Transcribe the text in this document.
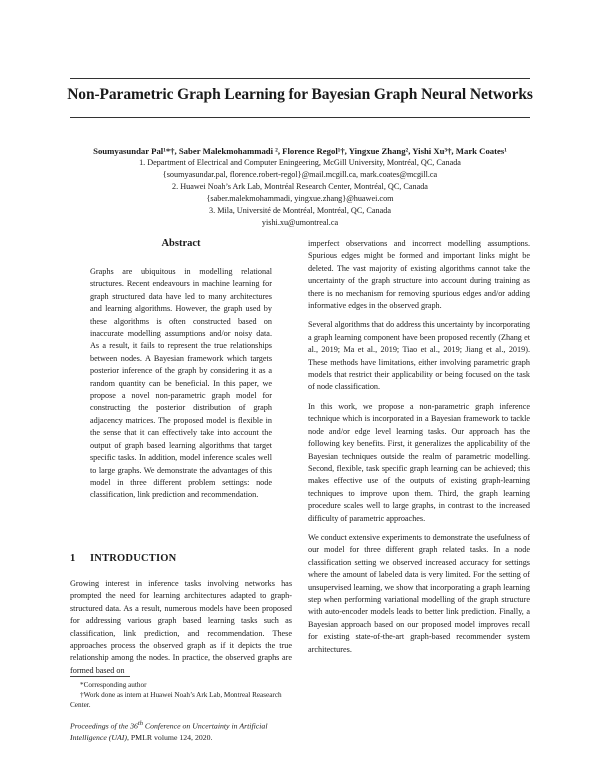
Non-Parametric Graph Learning for Bayesian Graph Neural Networks
Soumyasundar Pal¹*†, Saber Malekmohammadi ², Florence Regol¹†, Yingxue Zhang², Yishi Xu³†, Mark Coates¹
1. Department of Electrical and Computer Eningeering, McGill University, Montréal, QC, Canada
{soumyasundar.pal, florence.robert-regol}@mail.mcgill.ca, mark.coates@mcgill.ca
2. Huawei Noah’s Ark Lab, Montréal Research Center, Montréal, QC, Canada
{saber.malekmohammadi, yingxue.zhang}@huawei.com
3. Mila, Université de Montréal, Montréal, QC, Canada
yishi.xu@umontreal.ca
Abstract

Graphs are ubiquitous in modelling relational structures. Recent endeavours in machine learning for graph structured data have led to many architectures and learning algorithms. However, the graph used by these algorithms is often constructed based on inaccurate modelling assumptions and/or noisy data. As a result, it fails to represent the true relationships between nodes. A Bayesian framework which targets posterior inference of the graph by considering it as a random quantity can be beneficial. In this paper, we propose a novel non-parametric graph model for constructing the posterior distribution of graph adjacency matrices. The proposed model is flexible in the sense that it can effectively take into account the output of graph based learning algorithms that target specific tasks. In addition, model inference scales well to large graphs. We demonstrate the advantages of this model in three different problem settings: node classification, link prediction and recommendation.

1 INTRODUCTION

Growing interest in inference tasks involving networks has prompted the need for learning architectures adapted to graph-structured data. As a result, numerous models have been proposed for addressing various graph based learning tasks such as classification, link prediction, and recommendation. These approaches process the observed graph as if it depicts the true relationship among the nodes. In practice, the observed graphs are formed based on

*Corresponding author

†Work done as intern at Huawei Noah’s Ark Lab, Montreal Reasearch Center.

Proceedings of the 36th Conference on Uncertainty in Artificial Intelligence (UAI), PMLR volume 124, 2020.

imperfect observations and incorrect modelling assumptions. Spurious edges might be formed and important links might be deleted. The vast majority of existing algorithms cannot take the uncertainty of the graph structure into account during training as there is no mechanism for removing spurious edges and/or adding informative edges in the observed graph.

Several algorithms that do address this uncertainty by incorporating a graph learning component have been proposed recently (Zhang et al., 2019; Ma et al., 2019; Tiao et al., 2019; Jiang et al., 2019). These methods have limitations, either involving parametric graph models that restrict their applicability or being focused on the task of node classification.

In this work, we propose a non-parametric graph inference technique which is incorporated in a Bayesian framework to tackle node and/or edge level learning tasks. Our approach has the following key benefits. First, it generalizes the applicability of the Bayesian techniques outside the realm of parametric modelling. Second, flexible, task specific graph learning can be achieved; this makes effective use of the outputs of existing graph-learning techniques to improve upon them. Third, the graph learning procedure scales well to large graphs, in contrast to the increased difficulty of parametric approaches.

We conduct extensive experiments to demonstrate the usefulness of our model for three different graph related tasks. In a node classification setting we observed increased accuracy for settings where the amount of labeled data is very limited. For the setting of unsupervised learning, we show that incorporating a graph learning step when performing variational modelling of the graph structure with auto-encoder models leads to better link prediction. Finally, a Bayesian approach based on our proposed model improves recall for existing state-of-the-art graph-based recommender system architectures.
